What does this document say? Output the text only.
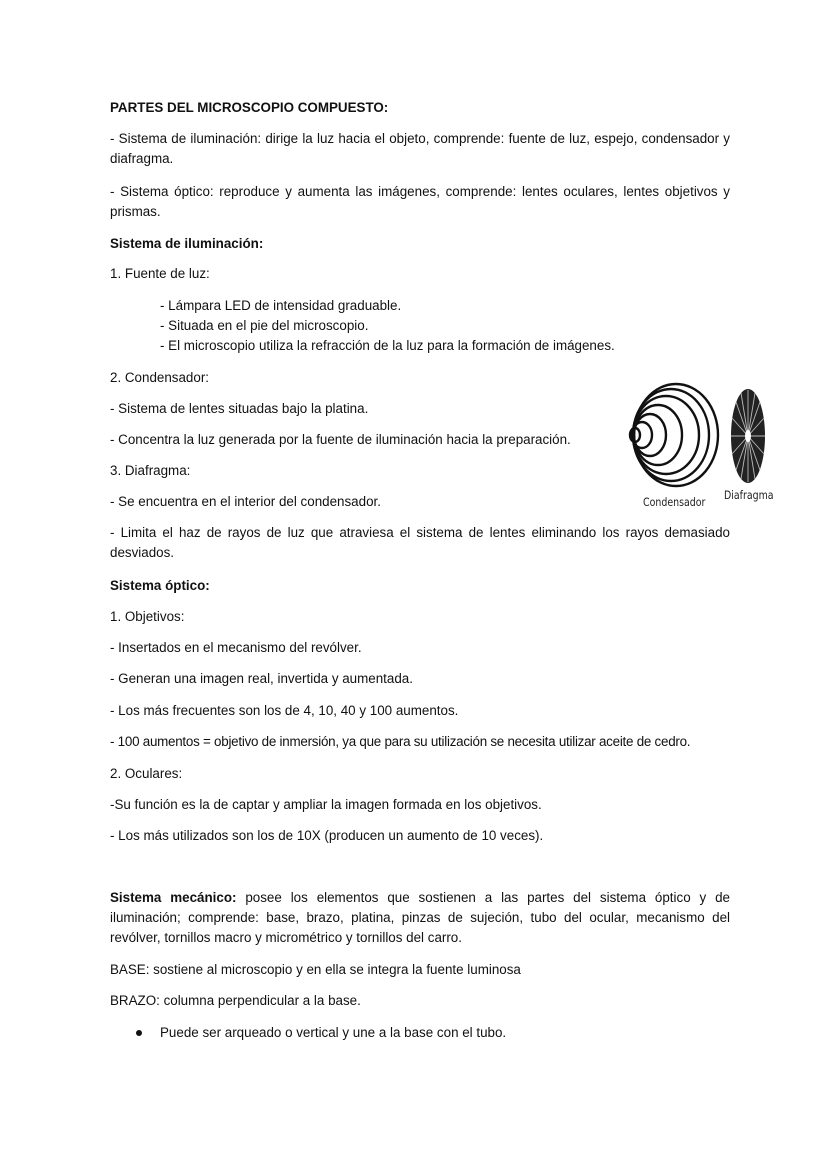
PARTES DEL MICROSCOPIO COMPUESTO:

- Sistema de iluminación: dirige la luz hacia el objeto, comprende: fuente de luz, espejo, condensador y diafragma.

- Sistema óptico: reproduce y aumenta las imágenes, comprende: lentes oculares, lentes objetivos y prismas.

Sistema de iluminación:

1. Fuente de luz:

- Lámpara LED de intensidad graduable.

- Situada en el pie del microscopio.

- El microscopio utiliza la refracción de la luz para la formación de imágenes.

2. Condensador:

- Sistema de lentes situadas bajo la platina.

- Concentra la luz generada por la fuente de iluminación hacia la preparación.

3. Diafragma:

- Se encuentra en el interior del condensador.

- Limita el haz de rayos de luz que atraviesa el sistema de lentes eliminando los rayos demasiado desviados.

Condensador Diafragma

Sistema óptico:

1. Objetivos:

- Insertados en el mecanismo del revólver.

- Generan una imagen real, invertida y aumentada.

- Los más frecuentes son los de 4, 10, 40 y 100 aumentos.

- 100 aumentos = objetivo de inmersión, ya que para su utilización se necesita utilizar aceite de cedro.

2. Oculares:

-Su función es la de captar y ampliar la imagen formada en los objetivos.

- Los más utilizados son los de 10X (producen un aumento de 10 veces).

Sistema mecánico: posee los elementos que sostienen a las partes del sistema óptico y de iluminación; comprende: base, brazo, platina, pinzas de sujeción, tubo del ocular, mecanismo del revólver, tornillos macro y micrométrico y tornillos del carro.

BASE: sostiene al microscopio y en ella se integra la fuente luminosa

BRAZO: columna perpendicular a la base.

Puede ser arqueado o vertical y une a la base con el tubo.
